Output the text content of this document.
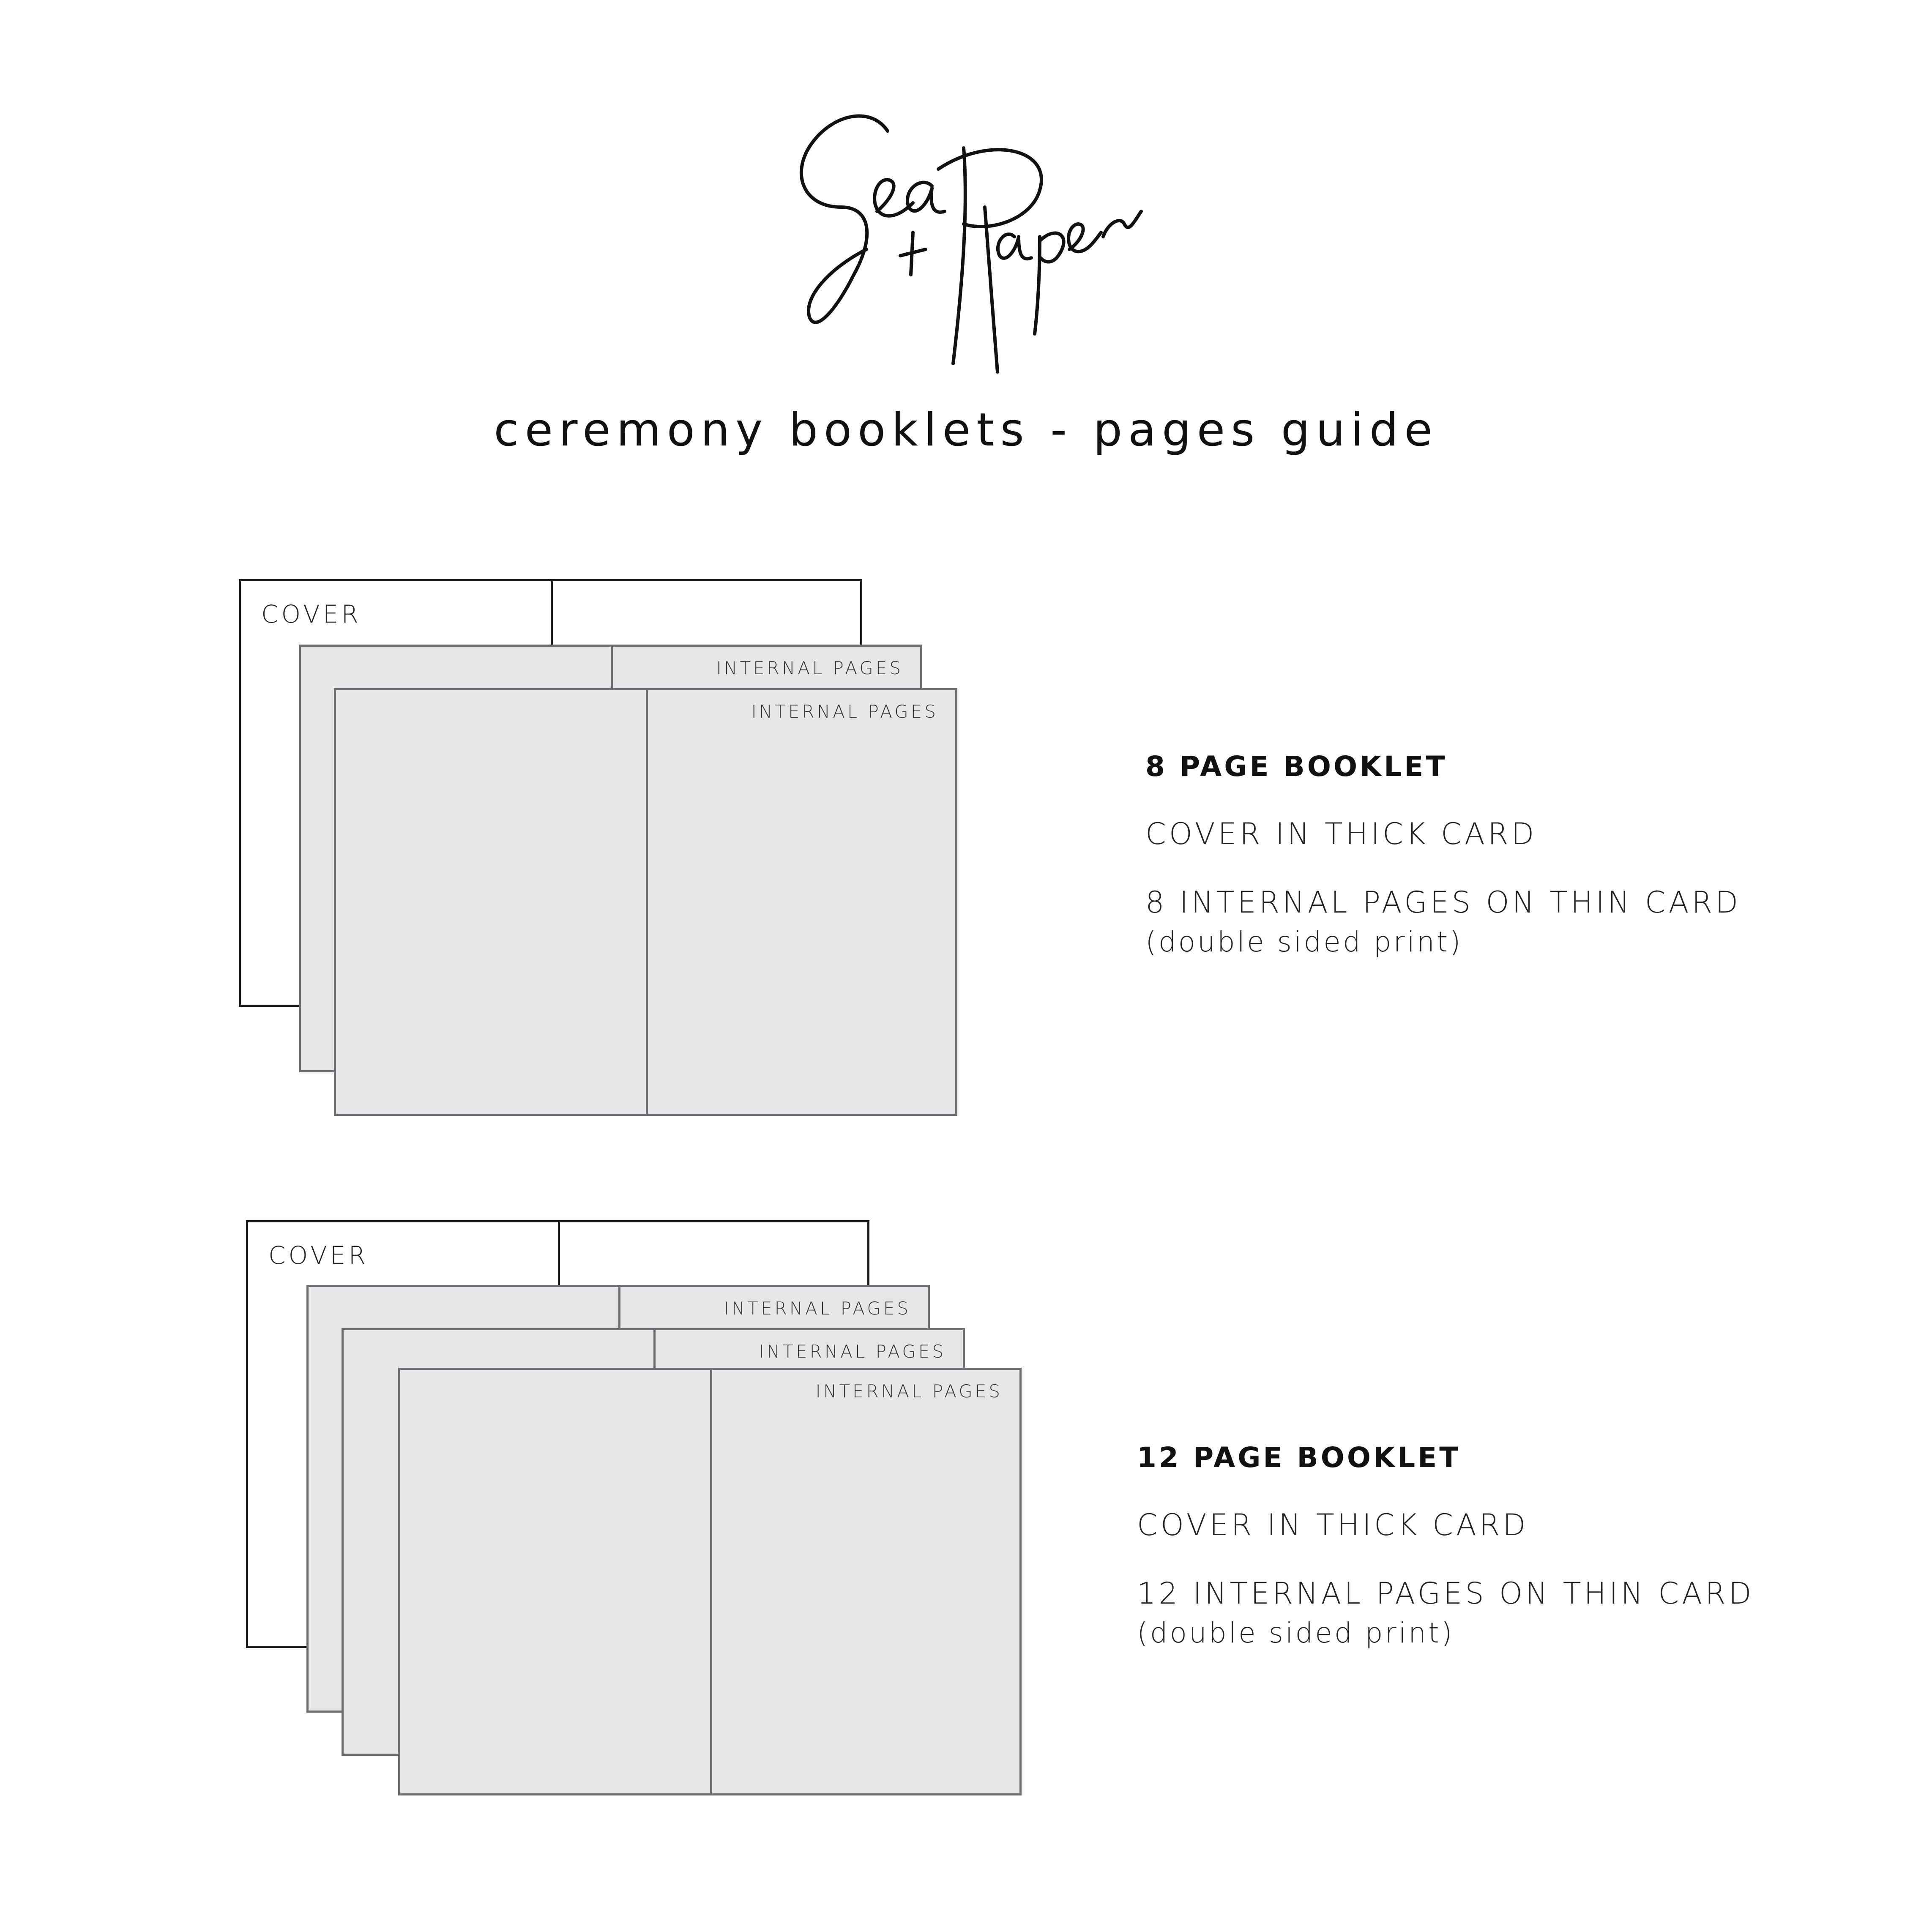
ceremony booklets - pages guide
COVER
INTERNAL PAGES
INTERNAL PAGES
8 PAGE BOOKLET
COVER IN THICK CARD
8 INTERNAL PAGES ON THIN CARD
(double sided print)
COVER
INTERNAL PAGES
INTERNAL PAGES
INTERNAL PAGES
12 PAGE BOOKLET
COVER IN THICK CARD
12 INTERNAL PAGES ON THIN CARD
(double sided print)
